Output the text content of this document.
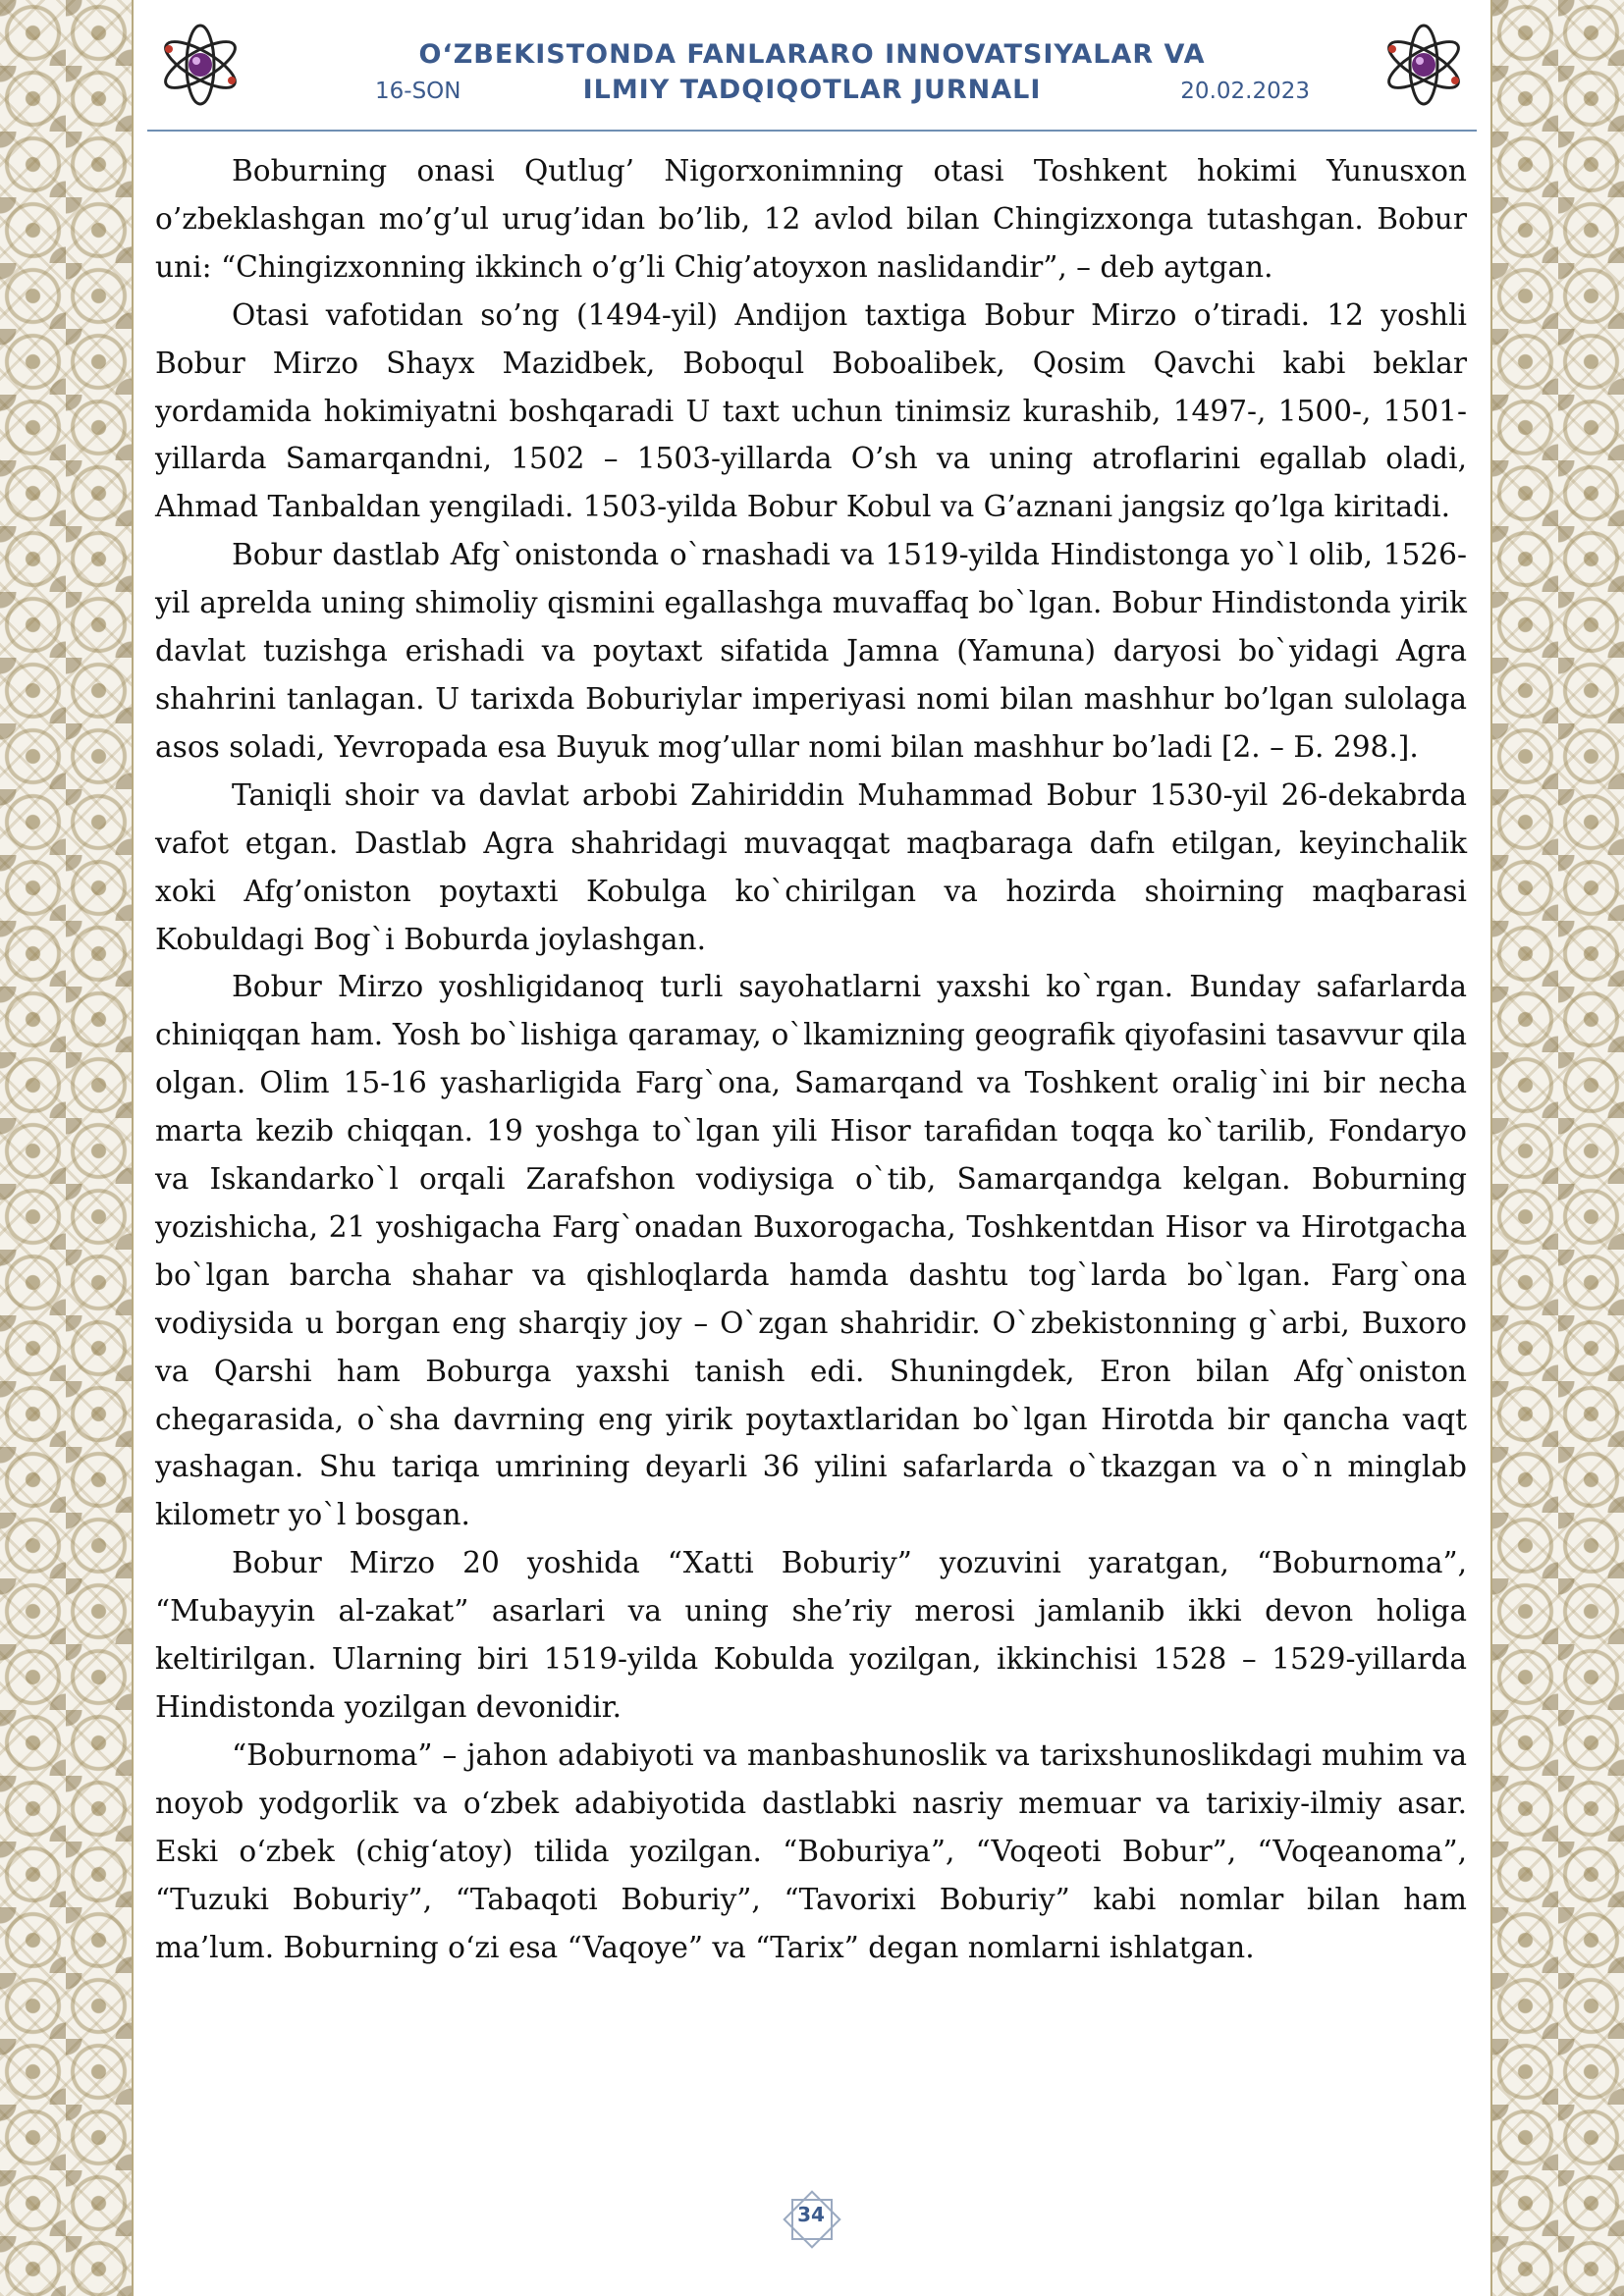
O‘ZBEKISTONDA FANLARARO INNOVATSIYALAR VA
16-SON	ILMIY TADQIQOTLAR JURNALI	20.02.2023

Boburning onasi Qutlug’ Nigorxonimning otasi Toshkent hokimi Yunusxon o’zbeklashgan mo’g’ul urug’idan bo’lib, 12 avlod bilan Chingizxonga tutashgan. Bobur uni: “Chingizxonning ikkinch o’g’li Chig’atoyxon naslidandir”, – deb aytgan.

Otasi vafotidan so’ng (1494-yil) Andijon taxtiga Bobur Mirzo o’tiradi. 12 yoshli Bobur Mirzo Shayx Mazidbek, Boboqul Boboalibek, Qosim Qavchi kabi beklar yordamida hokimiyatni boshqaradi U taxt uchun tinimsiz kurashib, 1497-, 1500-, 1501-yillarda Samarqandni, 1502 – 1503-yillarda O’sh va uning atroflarini egallab oladi, Ahmad Tanbaldan yengiladi. 1503-yilda Bobur Kobul va G’aznani jangsiz qo’lga kiritadi.

Bobur dastlab Afg`onistonda o`rnashadi va 1519-yilda Hindistonga yo`l olib, 1526-yil aprelda uning shimoliy qismini egallashga muvaffaq bo`lgan. Bobur Hindistonda yirik davlat tuzishga erishadi va poytaxt sifatida Jamna (Yamuna) daryosi bo`yidagi Agra shahrini tanlagan. U tarixda Boburiylar imperiyasi nomi bilan mashhur bo’lgan sulolaga asos soladi, Yevropada esa Buyuk mog’ullar nomi bilan mashhur bo’ladi [2. – Б. 298.].

Taniqli shoir va davlat arbobi Zahiriddin Muhammad Bobur 1530-yil 26-dekabrda vafot etgan. Dastlab Agra shahridagi muvaqqat maqbaraga dafn etilgan, keyinchalik xoki Afg’oniston poytaxti Kobulga ko`chirilgan va hozirda shoirning maqbarasi Kobuldagi Bog`i Boburda joylashgan.

Bobur Mirzo yoshligidanoq turli sayohatlarni yaxshi ko`rgan. Bunday safarlarda chiniqqan ham. Yosh bo`lishiga qaramay, o`lkamizning geografik qiyofasini tasavvur qila olgan. Olim 15-16 yasharligida Farg`ona, Samarqand va Toshkent oralig`ini bir necha marta kezib chiqqan. 19 yoshga to`lgan yili Hisor tarafidan toqqa ko`tarilib, Fondaryo va Iskandarko`l orqali Zarafshon vodiysiga o`tib, Samarqandga kelgan. Boburning yozishicha, 21 yoshigacha Farg`onadan Buxorogacha, Toshkentdan Hisor va Hirotgacha bo`lgan barcha shahar va qishloqlarda hamda dashtu tog`larda bo`lgan. Farg`ona vodiysida u borgan eng sharqiy joy – O`zgan shahridir. O`zbekistonning g`arbi, Buxoro va Qarshi ham Boburga yaxshi tanish edi. Shuningdek, Eron bilan Afg`oniston chegarasida, o`sha davrning eng yirik poytaxtlaridan bo`lgan Hirotda bir qancha vaqt yashagan. Shu tariqa umrining deyarli 36 yilini safarlarda o`tkazgan va o`n minglab kilometr yo`l bosgan.

Bobur Mirzo 20 yoshida “Xatti Boburiy” yozuvini yaratgan, “Boburnoma”, “Mubayyin al-zakat” asarlari va uning she’riy merosi jamlanib ikki devon holiga keltirilgan. Ularning biri 1519-yilda Kobulda yozilgan, ikkinchisi 1528 – 1529-yillarda Hindistonda yozilgan devonidir.

“Boburnoma” – jahon adabiyoti va manbashunoslik va tarixshunoslikdagi muhim va noyob yodgorlik va o‘zbek adabiyotida dastlabki nasriy memuar va tarixiy-ilmiy asar. Eski o‘zbek (chig‘atoy) tilida yozilgan. “Boburiya”, “Voqeoti Bobur”, “Voqeanoma”, “Tuzuki Boburiy”, “Tabaqoti Boburiy”, “Tavorixi Boburiy” kabi nomlar bilan ham ma’lum. Boburning o‘zi esa “Vaqoye” va “Tarix” degan nomlarni ishlatgan.

34
